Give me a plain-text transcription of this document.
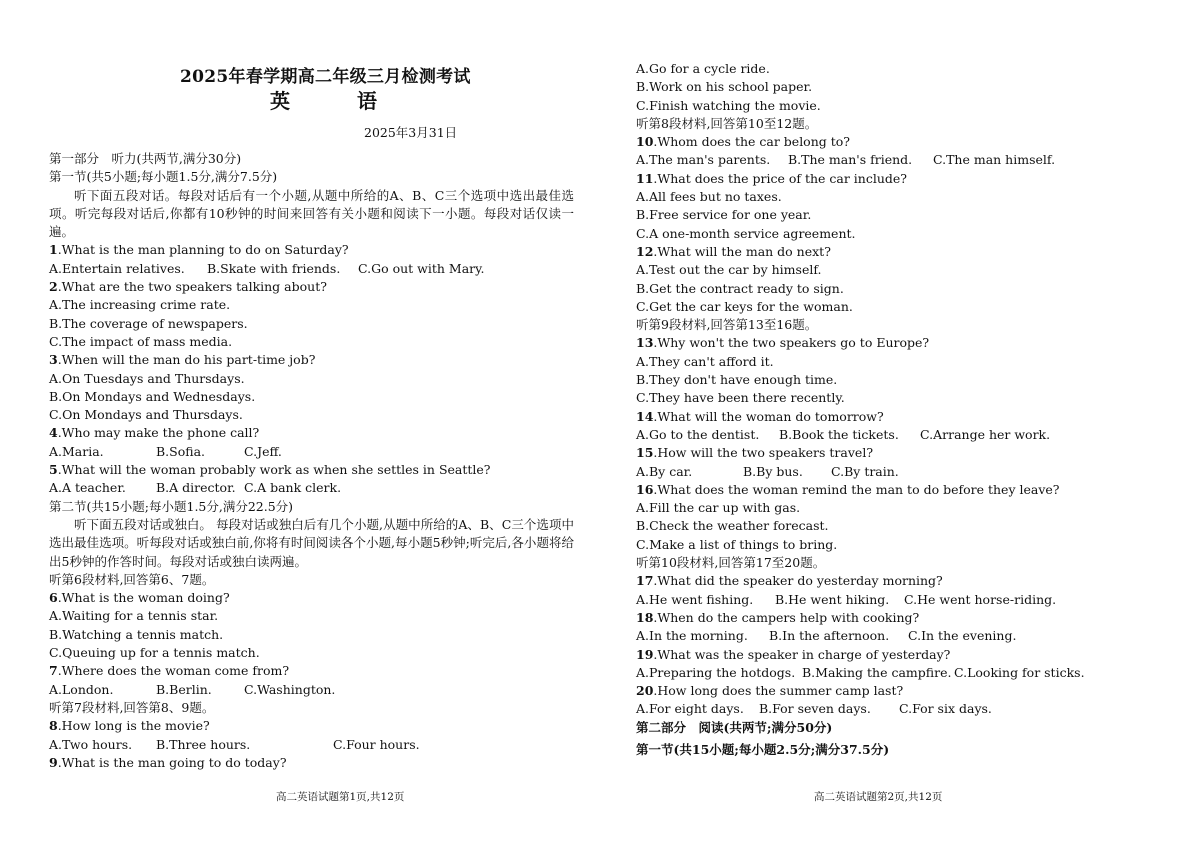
2025年春学期高二年级三月检测考试
英 语
2025年3月31日
第一部分　听力(共两节,满分30分)
第一节(共5小题;每小题1.5分,满分7.5分)
听下面五段对话。每段对话后有一个小题,从题中所给的A、B、C三个选项中选出最佳选项。听完每段对话后,你都有10秒钟的时间来回答有关小题和阅读下一小题。每段对话仅读一遍。
1.What is the man planning to do on Saturday?
A.Entertain relatives.	B.Skate with friends.	C.Go out with Mary.
2.What are the two speakers talking about?
A.The increasing crime rate.
B.The coverage of newspapers.
C.The impact of mass media.
3.When will the man do his part-time job?
A.On Tuesdays and Thursdays.
B.On Mondays and Wednesdays.
C.On Mondays and Thursdays.
4.Who may make the phone call?
A.Maria.	B.Sofia.	C.Jeff.
5.What will the woman probably work as when she settles in Seattle?
A.A teacher.	B.A director. C.A bank clerk.
第二节(共15小题;每小题1.5分,满分22.5分)
听下面五段对话或独白。 每段对话或独白后有几个小题,从题中所给的A、B、C三个选项中选出最佳选项。听每段对话或独白前,你将有时间阅读各个小题,每小题5秒钟;听完后,各小题将给出5秒钟的作答时间。每段对话或独白读两遍。
听第6段材料,回答第6、7题。
6.What is the woman doing?
A.Waiting for a tennis star.
B.Watching a tennis match.
C.Queuing up for a tennis match.
7.Where does the woman come from?
A.London.	B.Berlin.	C.Washington.
听第7段材料,回答第8、9题。
8.How long is the movie?
A.Two hours.	B.Three hours.	C.Four hours.
9.What is the man going to do today?
高二英语试题第1页,共12页
A.Go for a cycle ride.
B.Work on his school paper.
C.Finish watching the movie.
听第8段材料,回答第10至12题。
10.Whom does the car belong to?
A.The man's parents.	B.The man's friend.	C.The man himself.
11.What does the price of the car include?
A.All fees but no taxes.
B.Free service for one year.
C.A one-month service agreement.
12.What will the man do next?
A.Test out the car by himself.
B.Get the contract ready to sign.
C.Get the car keys for the woman.
听第9段材料,回答第13至16题。
13.Why won't the two speakers go to Europe?
A.They can't afford it.
B.They don't have enough time.
C.They have been there recently.
14.What will the woman do tomorrow?
A.Go to the dentist.	B.Book the tickets.	C.Arrange her work.
15.How will the two speakers travel?
A.By car.	B.By bus.	C.By train.
16.What does the woman remind the man to do before they leave?
A.Fill the car up with gas.
B.Check the weather forecast.
C.Make a list of things to bring.
听第10段材料,回答第17至20题。
17.What did the speaker do yesterday morning?
A.He went fishing.	B.He went hiking.	C.He went horse-riding.
18.When do the campers help with cooking?
A.In the morning.	B.In the afternoon.	C.In the evening.
19.What was the speaker in charge of yesterday?
A.Preparing the hotdogs. B.Making the campfire. C.Looking for sticks.
20.How long does the summer camp last?
A.For eight days.	B.For seven days.	C.For six days.
第二部分　阅读(共两节;满分50分)
第一节(共15小题;每小题2.5分;满分37.5分)
高二英语试题第2页,共12页
